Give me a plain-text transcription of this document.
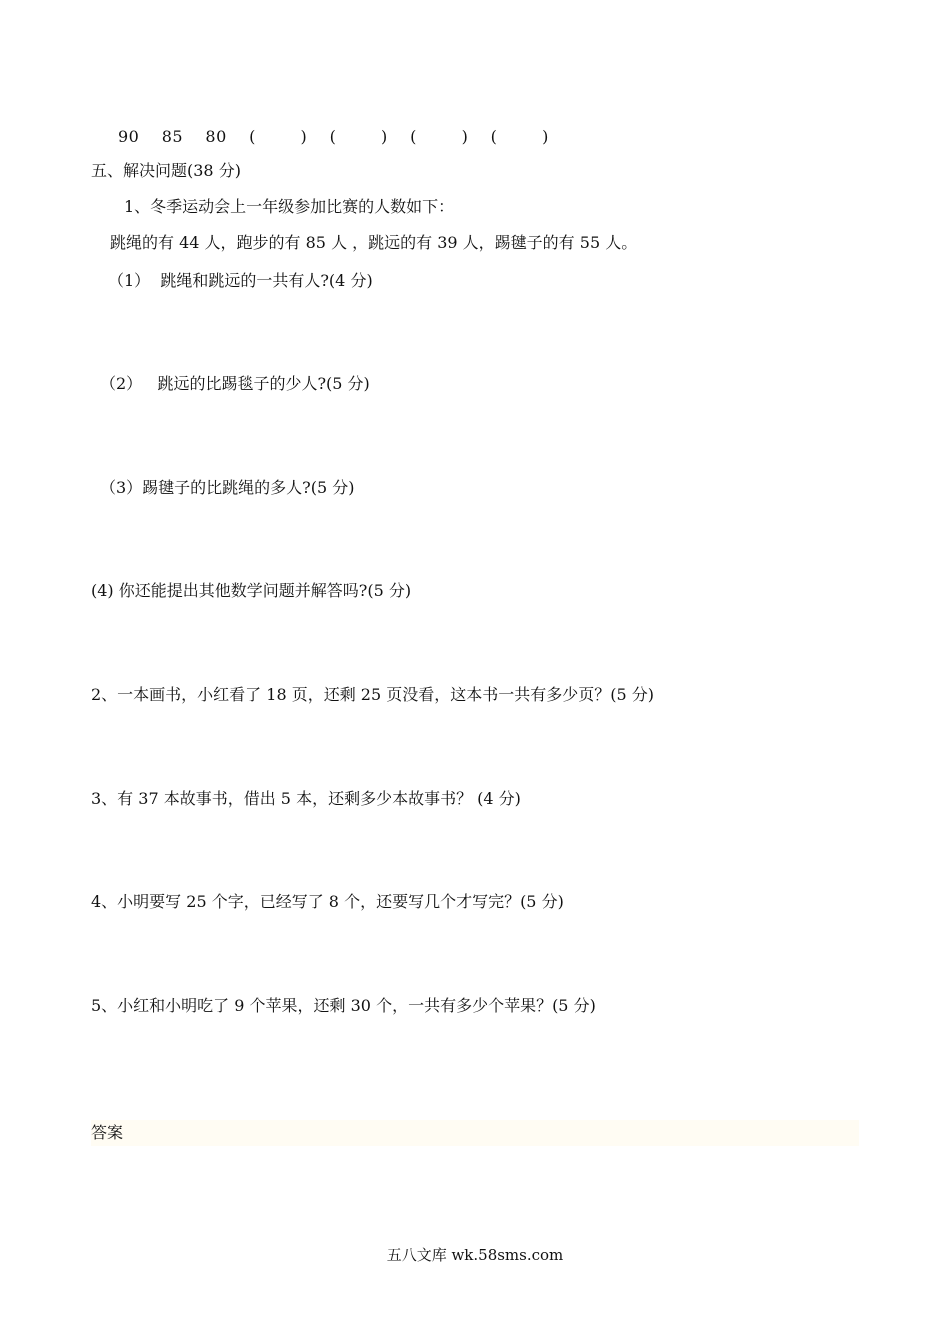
90    85    80    (        )    (        )    (        )    (        )
五、解决问题(38 分)
1、冬季运动会上一年级参加比赛的人数如下：
跳绳的有 44 人，跑步的有 85 人 ，跳远的有 39 人，踢毽子的有 55 人。
（1）  跳绳和跳远的一共有人?(4 分)
（2）   跳远的比踢毯子的少人?(5 分)
（3）踢毽子的比跳绳的多人?(5 分)
(4) 你还能提出其他数学问题并解答吗?(5 分)
2、一本画书，小红看了 18 页，还剩 25 页没看，这本书一共有多少页？(5 分)
3、有 37 本故事书，借出 5 本，还剩多少本故事书？ (4 分)
4、小明要写 25 个字，已经写了 8 个，还要写几个才写完？(5 分)
5、小红和小明吃了 9 个苹果，还剩 30 个，一共有多少个苹果？(5 分)
答案
五八文库 wk.58sms.com
